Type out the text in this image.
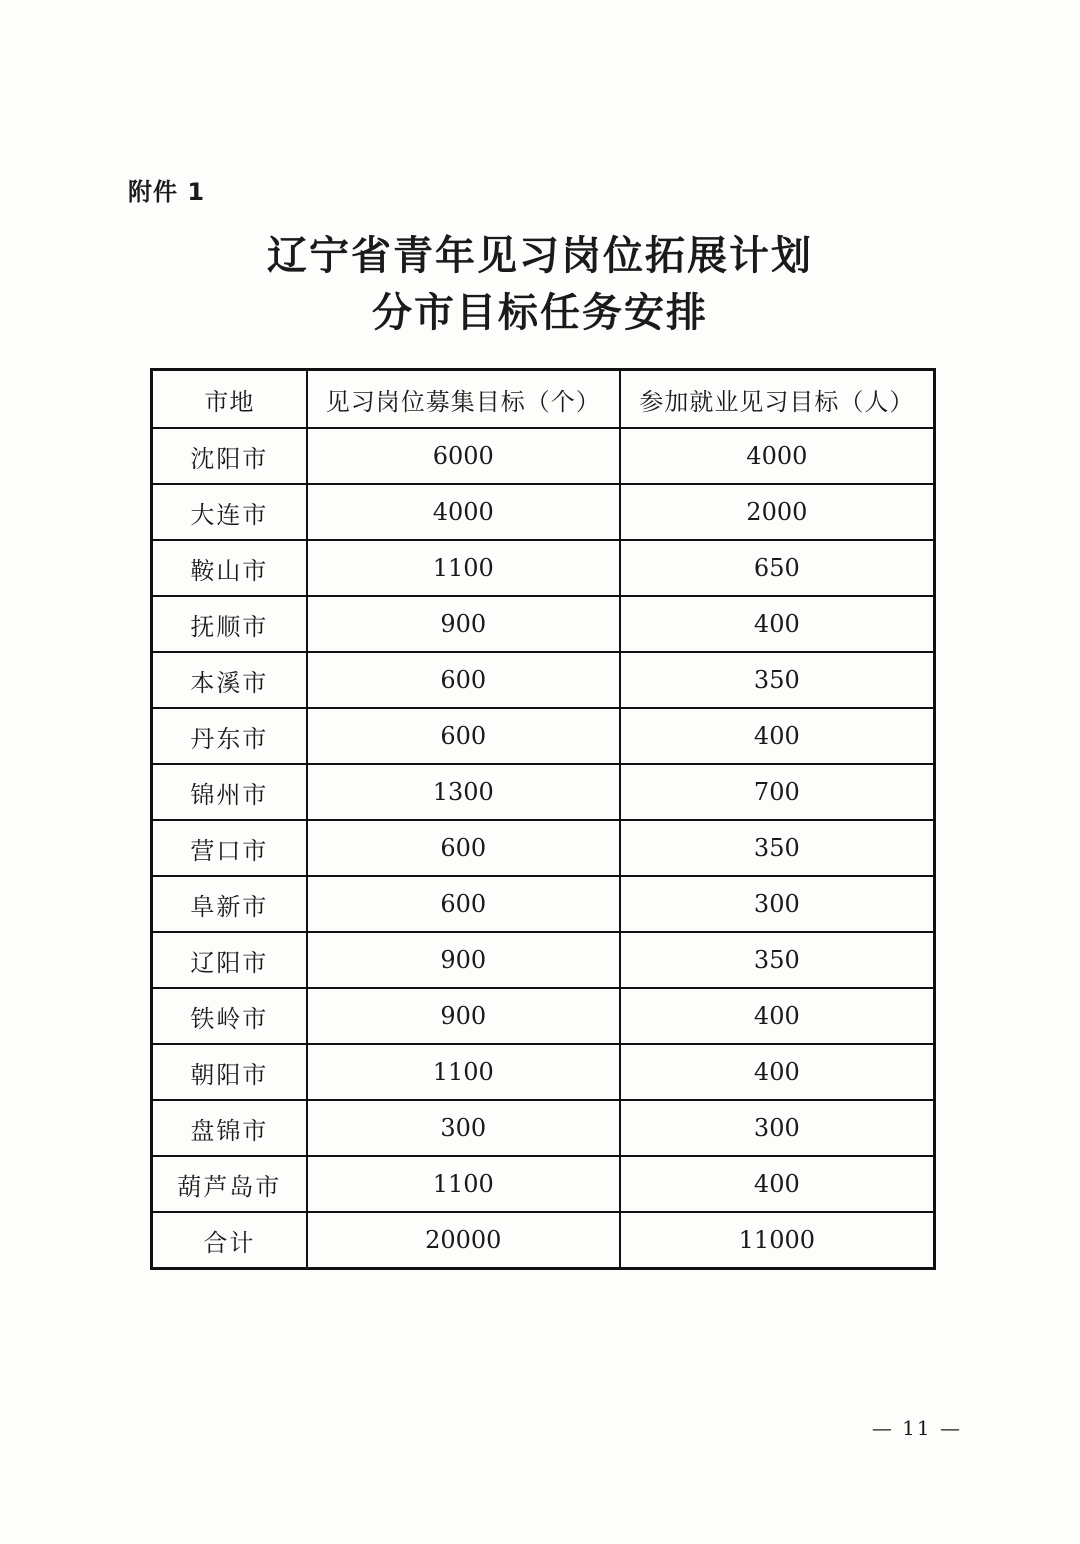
附件 1
辽宁省青年见习岗位拓展计划
分市目标任务安排
市地	见习岗位募集目标（个）	参加就业见习目标（人）
沈阳市	6000	4000
大连市	4000	2000
鞍山市	1100	650
抚顺市	900	400
本溪市	600	350
丹东市	600	400
锦州市	1300	700
营口市	600	350
阜新市	600	300
辽阳市	900	350
铁岭市	900	400
朝阳市	1100	400
盘锦市	300	300
葫芦岛市	1100	400
合计	20000	11000
— 11 —
